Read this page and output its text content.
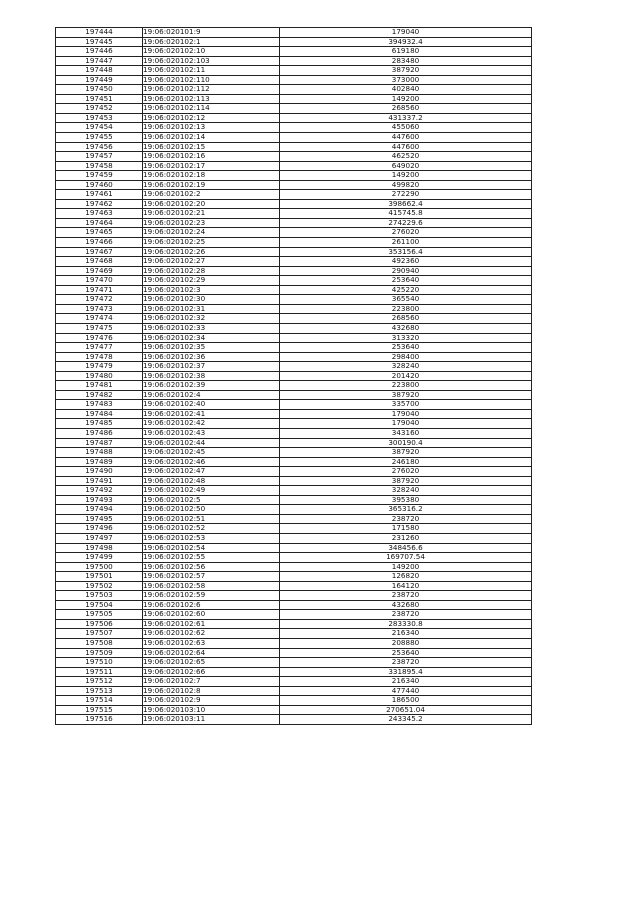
197444	19:06:020101:9	179040
197445	19:06:020102:1	394932.4
197446	19:06:020102:10	619180
197447	19:06:020102:103	283480
197448	19:06:020102:11	387920
197449	19:06:020102:110	373000
197450	19:06:020102:112	402840
197451	19:06:020102:113	149200
197452	19:06:020102:114	268560
197453	19:06:020102:12	431337.2
197454	19:06:020102:13	455060
197455	19:06:020102:14	447600
197456	19:06:020102:15	447600
197457	19:06:020102:16	462520
197458	19:06:020102:17	649020
197459	19:06:020102:18	149200
197460	19:06:020102:19	499820
197461	19:06:020102:2	272290
197462	19:06:020102:20	398662.4
197463	19:06:020102:21	415745.8
197464	19:06:020102:23	274229.6
197465	19:06:020102:24	276020
197466	19:06:020102:25	261100
197467	19:06:020102:26	353156.4
197468	19:06:020102:27	492360
197469	19:06:020102:28	290940
197470	19:06:020102:29	253640
197471	19:06:020102:3	425220
197472	19:06:020102:30	365540
197473	19:06:020102:31	223800
197474	19:06:020102:32	268560
197475	19:06:020102:33	432680
197476	19:06:020102:34	313320
197477	19:06:020102:35	253640
197478	19:06:020102:36	298400
197479	19:06:020102:37	328240
197480	19:06:020102:38	201420
197481	19:06:020102:39	223800
197482	19:06:020102:4	387920
197483	19:06:020102:40	335700
197484	19:06:020102:41	179040
197485	19:06:020102:42	179040
197486	19:06:020102:43	343160
197487	19:06:020102:44	300190.4
197488	19:06:020102:45	387920
197489	19:06:020102:46	246180
197490	19:06:020102:47	276020
197491	19:06:020102:48	387920
197492	19:06:020102:49	328240
197493	19:06:020102:5	395380
197494	19:06:020102:50	365316.2
197495	19:06:020102:51	238720
197496	19:06:020102:52	171580
197497	19:06:020102:53	231260
197498	19:06:020102:54	348456.6
197499	19:06:020102:55	169707.54
197500	19:06:020102:56	149200
197501	19:06:020102:57	126820
197502	19:06:020102:58	164120
197503	19:06:020102:59	238720
197504	19:06:020102:6	432680
197505	19:06:020102:60	238720
197506	19:06:020102:61	283330.8
197507	19:06:020102:62	216340
197508	19:06:020102:63	208880
197509	19:06:020102:64	253640
197510	19:06:020102:65	238720
197511	19:06:020102:66	331895.4
197512	19:06:020102:7	216340
197513	19:06:020102:8	477440
197514	19:06:020102:9	186500
197515	19:06:020103:10	270651.04
197516	19:06:020103:11	243345.2
